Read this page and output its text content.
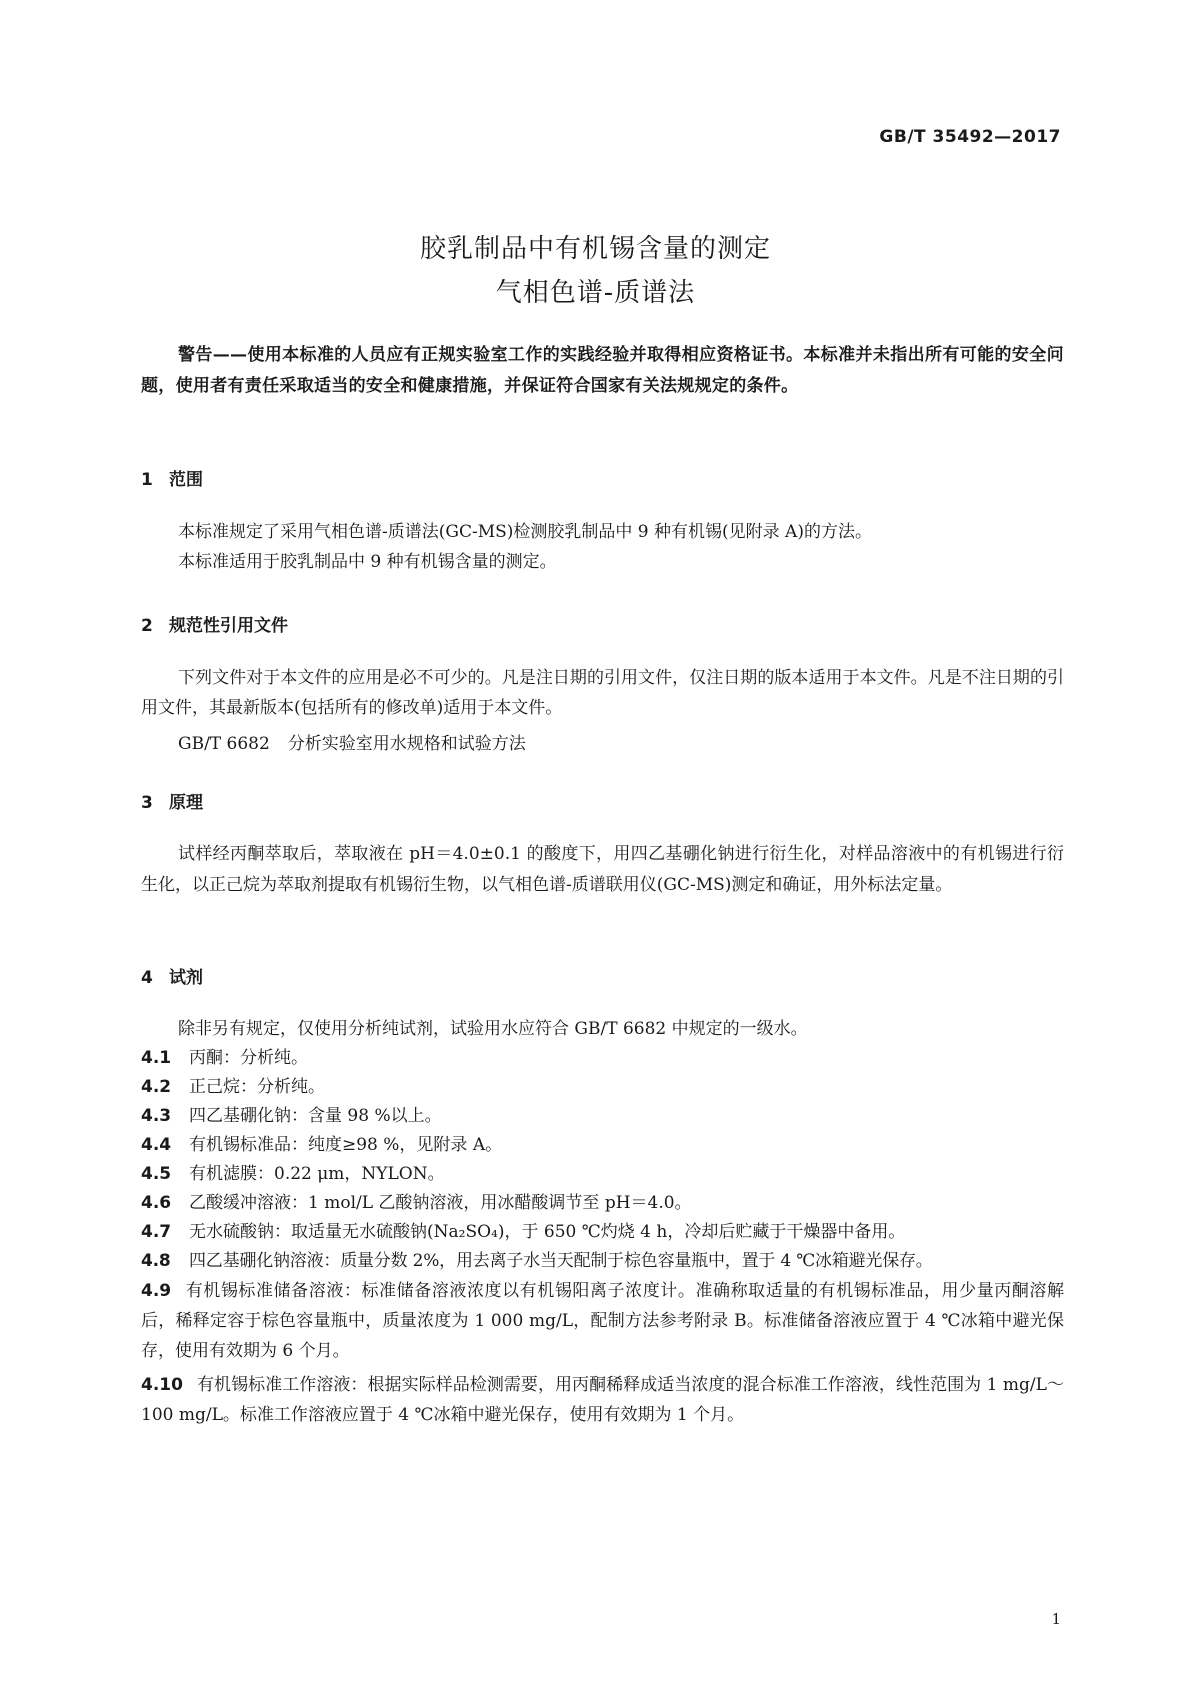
GB/T 35492—2017
胶乳制品中有机锡含量的测定
气相色谱-质谱法
警告——使用本标准的人员应有正规实验室工作的实践经验并取得相应资格证书。本标准并未指出所有可能的安全问题，使用者有责任采取适当的安全和健康措施，并保证符合国家有关法规规定的条件。
1 范围
本标准规定了采用气相色谱-质谱法(GC-MS)检测胶乳制品中 9 种有机锡(见附录 A)的方法。
本标准适用于胶乳制品中 9 种有机锡含量的测定。
2 规范性引用文件
下列文件对于本文件的应用是必不可少的。凡是注日期的引用文件，仅注日期的版本适用于本文件。凡是不注日期的引用文件，其最新版本(包括所有的修改单)适用于本文件。
GB/T 6682 分析实验室用水规格和试验方法
3 原理
试样经丙酮萃取后，萃取液在 pH＝4.0±0.1 的酸度下，用四乙基硼化钠进行衍生化，对样品溶液中的有机锡进行衍生化，以正己烷为萃取剂提取有机锡衍生物，以气相色谱-质谱联用仪(GC-MS)测定和确证，用外标法定量。
4 试剂
除非另有规定，仅使用分析纯试剂，试验用水应符合 GB/T 6682 中规定的一级水。
4.1 丙酮：分析纯。
4.2 正己烷：分析纯。
4.3 四乙基硼化钠：含量 98 %以上。
4.4 有机锡标准品：纯度≥98 %，见附录 A。
4.5 有机滤膜：0.22 μm，NYLON。
4.6 乙酸缓冲溶液：1 mol/L 乙酸钠溶液，用冰醋酸调节至 pH＝4.0。
4.7 无水硫酸钠：取适量无水硫酸钠(Na₂SO₄)，于 650 ℃灼烧 4 h，冷却后贮藏于干燥器中备用。
4.8 四乙基硼化钠溶液：质量分数 2%，用去离子水当天配制于棕色容量瓶中，置于 4 ℃冰箱避光保存。
4.9 有机锡标准储备溶液：标准储备溶液浓度以有机锡阳离子浓度计。准确称取适量的有机锡标准品，用少量丙酮溶解后，稀释定容于棕色容量瓶中，质量浓度为 1 000 mg/L，配制方法参考附录 B。标准储备溶液应置于 4 ℃冰箱中避光保存，使用有效期为 6 个月。
4.10 有机锡标准工作溶液：根据实际样品检测需要，用丙酮稀释成适当浓度的混合标准工作溶液，线性范围为 1 mg/L～100 mg/L。标准工作溶液应置于 4 ℃冰箱中避光保存，使用有效期为 1 个月。
1
